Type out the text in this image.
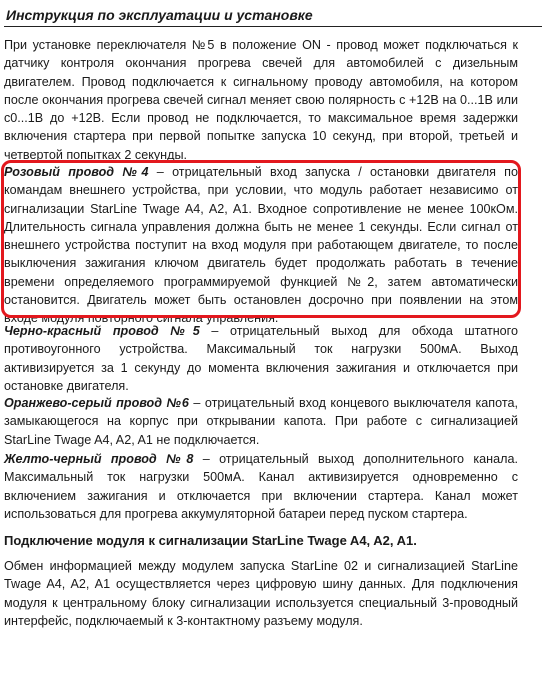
Инструкция по эксплуатации и установке

При установке переключателя №5 в положение ON - провод может подключаться к датчику контроля окончания прогрева свечей для автомобилей с дизельным двигателем. Провод подключается к сигнальному проводу автомобиля, на котором после окончания прогрева свечей сигнал меняет свою полярность с +12В на 0...1В или с0...1В до +12В. Если провод не подключается, то максимальное время задержки включения стартера при первой попытке запуска 10 секунд, при второй, третьей и четвертой попытках 2 секунды.

Розовый провод №4 – отрицательный вход запуска / остановки двигателя по командам внешнего устройства, при условии, что модуль работает независимо от сигнализации StarLine Twage A4, A2, A1. Входное сопротивление не менее 100кОм. Длительность сигнала управления должна быть не менее 1 секунды. Если сигнал от внешнего устройства поступит на вход модуля при работающем двигателе, то после выключения зажигания ключом двигатель будет продолжать работать в течение времени определяемого программируемой функцией №2, затем автоматически остановится. Двигатель может быть остановлен досрочно при появлении на этом входе модуля повторного сигнала управления.

Черно-красный провод №5 – отрицательный выход для обхода штатного противоугонного устройства. Максимальный ток нагрузки 500мА. Выход активизируется за 1 секунду до момента включения зажигания и отключается при остановке двигателя.

Оранжево-серый провод №6 – отрицательный вход концевого выключателя капота, замыкающегося на корпус при открывании капота. При работе с сигнализацией StarLine Twage A4, A2, A1 не подключается.

Желто-черный провод №8 – отрицательный выход дополнительного канала. Максимальный ток нагрузки 500мА. Канал активизируется одновременно с включением зажигания и отключается при включении стартера. Канал может использоваться для прогрева аккумуляторной батареи перед пуском стартера.

Подключение модуля к сигнализации StarLine Twage A4, A2, A1.

Обмен информацией между модулем запуска StarLine 02 и сигнализацией StarLine Twage A4, A2, A1 осуществляется через цифровую шину данных. Для подключения модуля к центральному блоку сигнализации используется специальный 3-проводный интерфейс, подключаемый к 3-контактному разъему модуля.
